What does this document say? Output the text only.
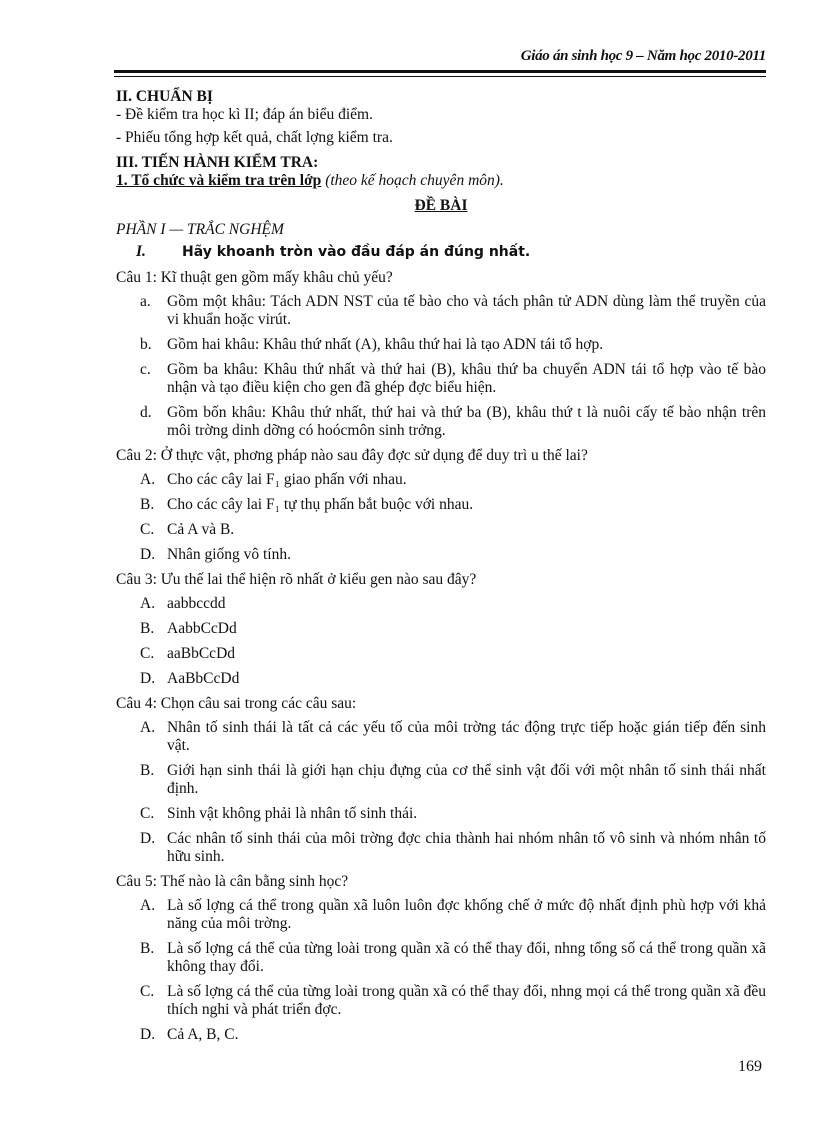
Giáo án sinh học 9 – Năm học 2010-2011

II. CHUẨN BỊ

- Đề kiểm tra học kì II; đáp án biểu điểm.

- Phiếu tổng hợp kết quả, chất lợng kiểm tra.

III. TIẾN HÀNH KIỂM TRA:

1. Tổ chức và kiểm tra trên lớp (theo kế hoạch chuyên môn).

ĐỀ BÀI

PHẦN I — TRẮC NGHỆM

I.	Hãy khoanh tròn vào đầu đáp án đúng nhất.

Câu 1: Kĩ thuật gen gồm mấy khâu chủ yếu?

a.	Gồm một khâu: Tách ADN NST của tế bào cho và tách phân tử ADN dùng làm thể truyền của vi khuẩn hoặc virút.
b. Gồm hai khâu: Khâu thứ nhất (A), khâu thứ hai là tạo ADN tái tổ hợp.
c.	Gồm ba khâu: Khâu thứ nhất và thứ hai (B), khâu thứ ba chuyển ADN tái tổ hợp vào tế bào nhận và tạo điều kiện cho gen đã ghép đợc biểu hiện.
d. Gồm bốn khâu: Khâu thứ nhất, thứ hai và thứ ba (B), khâu thứ t là nuôi cấy tế bào nhận trên môi trờng dinh dỡng có hoócmôn sinh trởng.

Câu 2: Ở thực vật, phơng pháp nào sau đây đợc sử dụng để duy trì u thế lai?

A. Cho các cây lai F₁ giao phấn với nhau.
B. Cho các cây lai F₁ tự thụ phấn bắt buộc với nhau.
C. Cả A và B.
D. Nhân giống vô tính.

Câu 3: Ưu thế lai thể hiện rõ nhất ở kiểu gen nào sau đây?

A. aabbccdd
B. AabbCcDd
C. aaBbCcDd
D. AaBbCcDd

Câu 4: Chọn câu sai trong các câu sau:

A. Nhân tố sinh thái là tất cả các yếu tố của môi trờng tác động trực tiếp hoặc gián tiếp đến sinh vật.
B. Giới hạn sinh thái là giới hạn chịu đựng của cơ thể sinh vật đối với một nhân tố sinh thái nhất định.
C. Sinh vật không phải là nhân tố sinh thái.
D. Các nhân tố sinh thái của môi trờng đợc chia thành hai nhóm nhân tố vô sinh và nhóm nhân tố hữu sinh.

Câu 5: Thế nào là cân bằng sinh học?

A. Là số lợng cá thể trong quần xã luôn luôn đợc khống chế ở mức độ nhất định phù hợp với khả năng của môi trờng.
B. Là số lợng cá thể của từng loài trong quần xã có thể thay đổi, nhng tổng số cá thể trong quần xã không thay đổi.
C. Là số lợng cá thể của từng loài trong quần xã có thể thay đổi, nhng mọi cá thể trong quần xã đều thích nghi và phát triển đợc.
D. Cả A, B, C.
169
